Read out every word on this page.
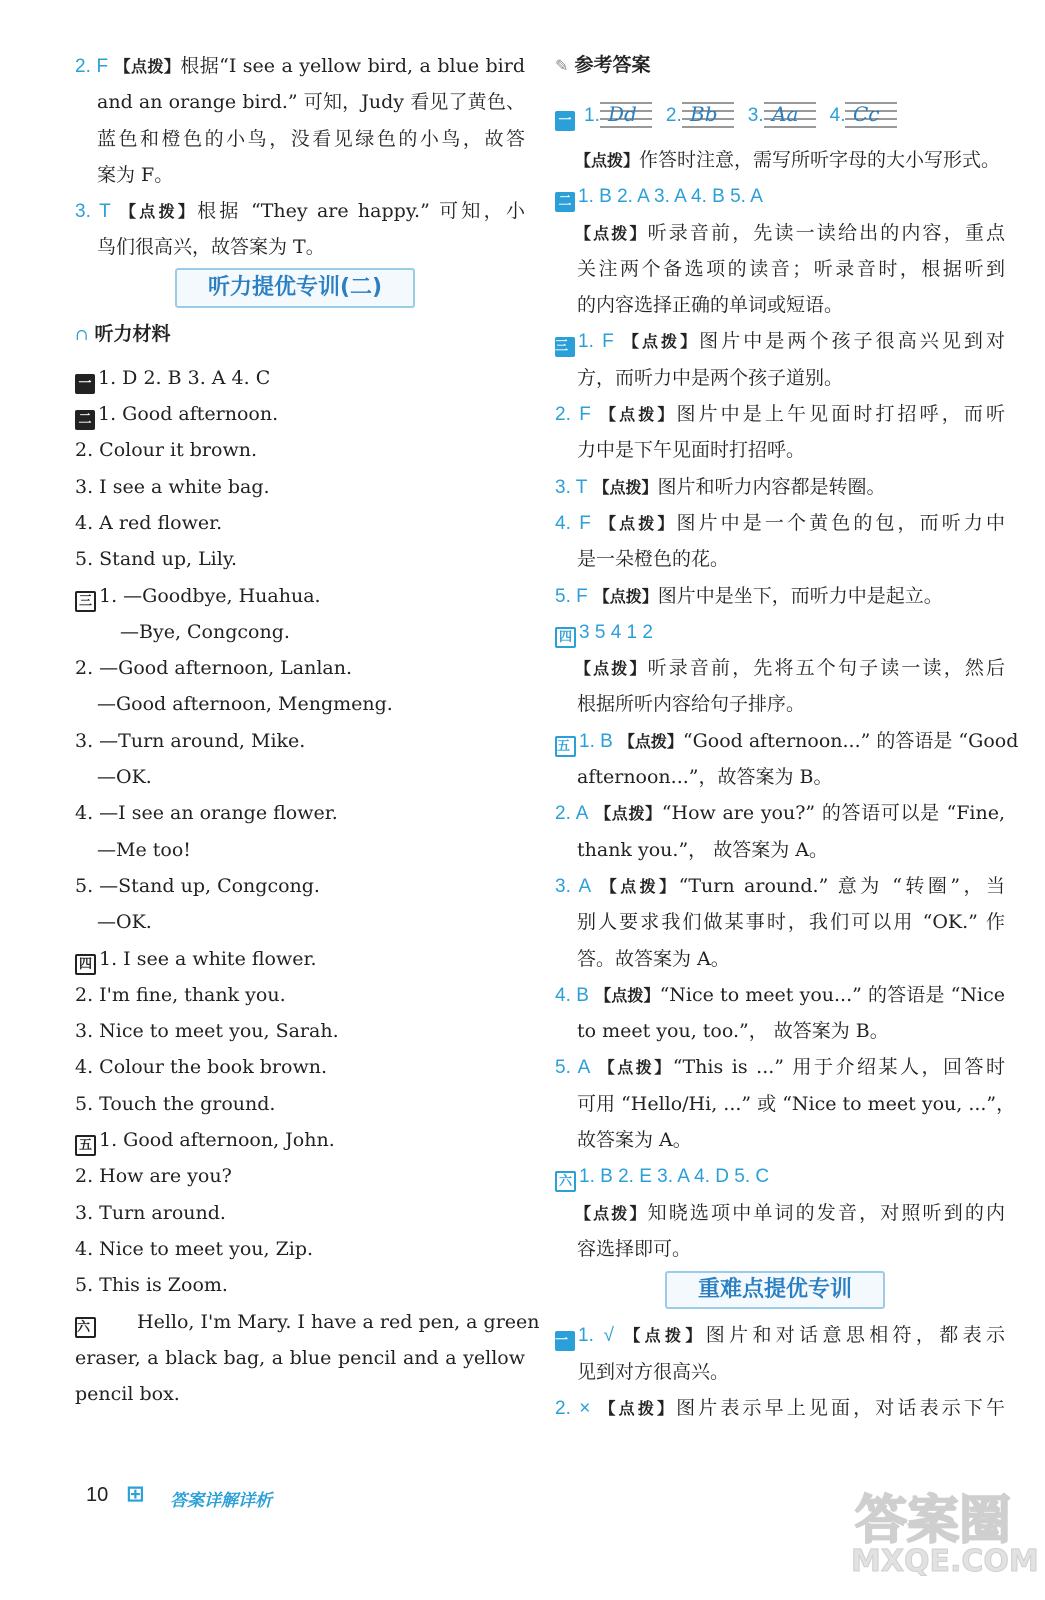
2. F 【点拨】根据“I see a yellow bird, a blue bird
and an orange bird.” 可知，Judy 看见了黄色、
蓝色和橙色的小鸟，没看见绿色的小鸟，故答
案为 F。
3. T 【点拨】根据 “They are happy.” 可知，小
鸟们很高兴，故答案为 T。
听力提优专训(二)
∩ 听力材料
一 1. D 2. B 3. A 4. C
二 1. Good afternoon.
2. Colour it brown.
3. I see a white bag.
4. A red flower.
5. Stand up, Lily.
三 1. —Goodbye, Huahua.
—Bye, Congcong.
2. —Good afternoon, Lanlan.
—Good afternoon, Mengmeng.
3. —Turn around, Mike.
—OK.
4. —I see an orange flower.
—Me too!
5. —Stand up, Congcong.
—OK.
四 1. I see a white flower.
2. I'm fine, thank you.
3. Nice to meet you, Sarah.
4. Colour the book brown.
5. Touch the ground.
五 1. Good afternoon, John.
2. How are you?
3. Turn around.
4. Nice to meet you, Zip.
5. This is Zoom.
六 Hello, I'm Mary. I have a red pen, a green
eraser, a black bag, a blue pencil and a yellow
pencil box.
✎ 参考答案
一 1. Dd 2. Bb 3. Aa 4. Cc
【点拨】作答时注意，需写所听字母的大小写形式。
二 1. B 2. A 3. A 4. B 5. A
【点拨】听录音前，先读一读给出的内容，重点
关注两个备选项的读音；听录音时，根据听到
的内容选择正确的单词或短语。
三 1. F 【点拨】图片中是两个孩子很高兴见到对
方，而听力中是两个孩子道别。
2. F 【点拨】图片中是上午见面时打招呼，而听
力中是下午见面时打招呼。
3. T 【点拨】图片和听力内容都是转圈。
4. F 【点拨】图片中是一个黄色的包，而听力中
是一朵橙色的花。
5. F 【点拨】图片中是坐下，而听力中是起立。
四 3 5 4 1 2
【点拨】听录音前，先将五个句子读一读，然后
根据所听内容给句子排序。
五 1. B 【点拨】“Good afternoon...” 的答语是 “Good
afternoon...”，故答案为 B。
2. A 【点拨】“How are you?” 的答语可以是 “Fine,
thank you.”， 故答案为 A。
3. A 【点拨】“Turn around.” 意为 “转圈”，当
别人要求我们做某事时，我们可以用 “OK.” 作
答。故答案为 A。
4. B 【点拨】“Nice to meet you...” 的答语是 “Nice
to meet you, too.”， 故答案为 B。
5. A 【点拨】“This is ...” 用于介绍某人，回答时
可用 “Hello/Hi, ...” 或 “Nice to meet you, ...”，
故答案为 A。
六 1. B 2. E 3. A 4. D 5. C
【点拨】知晓选项中单词的发音，对照听到的内
容选择即可。
重难点提优专训
一 1. √ 【点拨】图片和对话意思相符，都表示
见到对方很高兴。
2. × 【点拨】图片表示早上见面，对话表示下午
10 ⊞ 答案详解详析	答案圈
MXQE.COM
